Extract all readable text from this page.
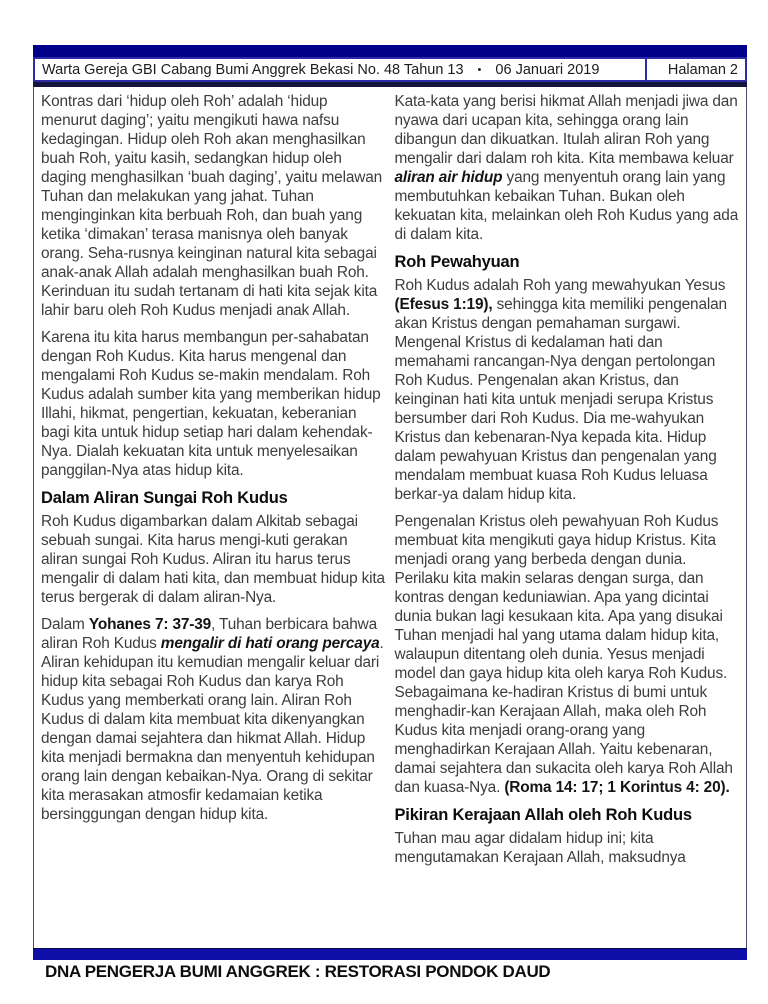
Warta Gereja GBI Cabang Bumi Anggrek Bekasi No. 48 Tahun 13 • 06 Januari 2019	Halaman 2

Kontras dari ‘hidup oleh Roh’ adalah ‘hidup menurut daging’; yaitu mengikuti hawa nafsu kedagingan. Hidup oleh Roh akan menghasilkan buah Roh, yaitu kasih, sedangkan hidup oleh daging menghasilkan ‘buah daging’, yaitu melawan Tuhan dan melakukan yang jahat. Tuhan menginginkan kita berbuah Roh, dan buah yang ketika ‘dimakan’ terasa manisnya oleh banyak orang. Seha-rusnya keinginan natural kita sebagai anak-anak Allah adalah menghasilkan buah Roh. Kerinduan itu sudah tertanam di hati kita sejak kita lahir baru oleh Roh Kudus menjadi anak Allah.

Karena itu kita harus membangun per-sahabatan dengan Roh Kudus. Kita harus mengenal dan mengalami Roh Kudus se-makin mendalam. Roh Kudus adalah sumber kita yang memberikan hidup Illahi, hikmat, pengertian, kekuatan, keberanian bagi kita untuk hidup setiap hari dalam kehendak-Nya. Dialah kekuatan kita untuk menyelesaikan panggilan-Nya atas hidup kita.

Dalam Aliran Sungai Roh Kudus

Roh Kudus digambarkan dalam Alkitab sebagai sebuah sungai. Kita harus mengi-kuti gerakan aliran sungai Roh Kudus. Aliran itu harus terus mengalir di dalam hati kita, dan membuat hidup kita terus bergerak di dalam aliran-Nya.

Dalam Yohanes 7: 37-39, Tuhan berbicara bahwa aliran Roh Kudus mengalir di hati orang percaya. Aliran kehidupan itu kemudian mengalir keluar dari hidup kita sebagai Roh Kudus dan karya Roh Kudus yang memberkati orang lain. Aliran Roh Kudus di dalam kita membuat kita dikenyangkan dengan damai sejahtera dan hikmat Allah. Hidup kita menjadi bermakna dan menyentuh kehidupan orang lain dengan kebaikan-Nya. Orang di sekitar kita merasakan atmosfir kedamaian ketika bersinggungan dengan hidup kita.

Kata-kata yang berisi hikmat Allah menjadi jiwa dan nyawa dari ucapan kita, sehingga orang lain dibangun dan dikuatkan. Itulah aliran Roh yang mengalir dari dalam roh kita. Kita membawa keluar aliran air hidup yang menyentuh orang lain yang membutuhkan kebaikan Tuhan. Bukan oleh kekuatan kita, melainkan oleh Roh Kudus yang ada di dalam kita.

Roh Pewahyuan

Roh Kudus adalah Roh yang mewahyukan Yesus (Efesus 1:19), sehingga kita memiliki pengenalan akan Kristus dengan pemahaman surgawi. Mengenal Kristus di kedalaman hati dan memahami rancangan-Nya dengan pertolongan Roh Kudus. Pengenalan akan Kristus, dan keinginan hati kita untuk menjadi serupa Kristus bersumber dari Roh Kudus. Dia me-wahyukan Kristus dan kebenaran-Nya kepada kita. Hidup dalam pewahyuan Kristus dan pengenalan yang mendalam membuat kuasa Roh Kudus leluasa berkar-ya dalam hidup kita.

Pengenalan Kristus oleh pewahyuan Roh Kudus membuat kita mengikuti gaya hidup Kristus. Kita menjadi orang yang berbeda dengan dunia. Perilaku kita makin selaras dengan surga, dan kontras dengan keduniawian. Apa yang dicintai dunia bukan lagi kesukaan kita. Apa yang disukai Tuhan menjadi hal yang utama dalam hidup kita, walaupun ditentang oleh dunia. Yesus menjadi model dan gaya hidup kita oleh karya Roh Kudus. Sebagaimana ke-hadiran Kristus di bumi untuk menghadir-kan Kerajaan Allah, maka oleh Roh Kudus kita menjadi orang-orang yang menghadirkan Kerajaan Allah. Yaitu kebenaran, damai sejahtera dan sukacita oleh karya Roh Allah dan kuasa-Nya. (Roma 14: 17; 1 Korintus 4: 20).

Pikiran Kerajaan Allah oleh Roh Kudus

Tuhan mau agar didalam hidup ini; kita mengutamakan Kerajaan Allah, maksudnya

DNA PENGERJA BUMI ANGGREK : RESTORASI PONDOK DAUD
